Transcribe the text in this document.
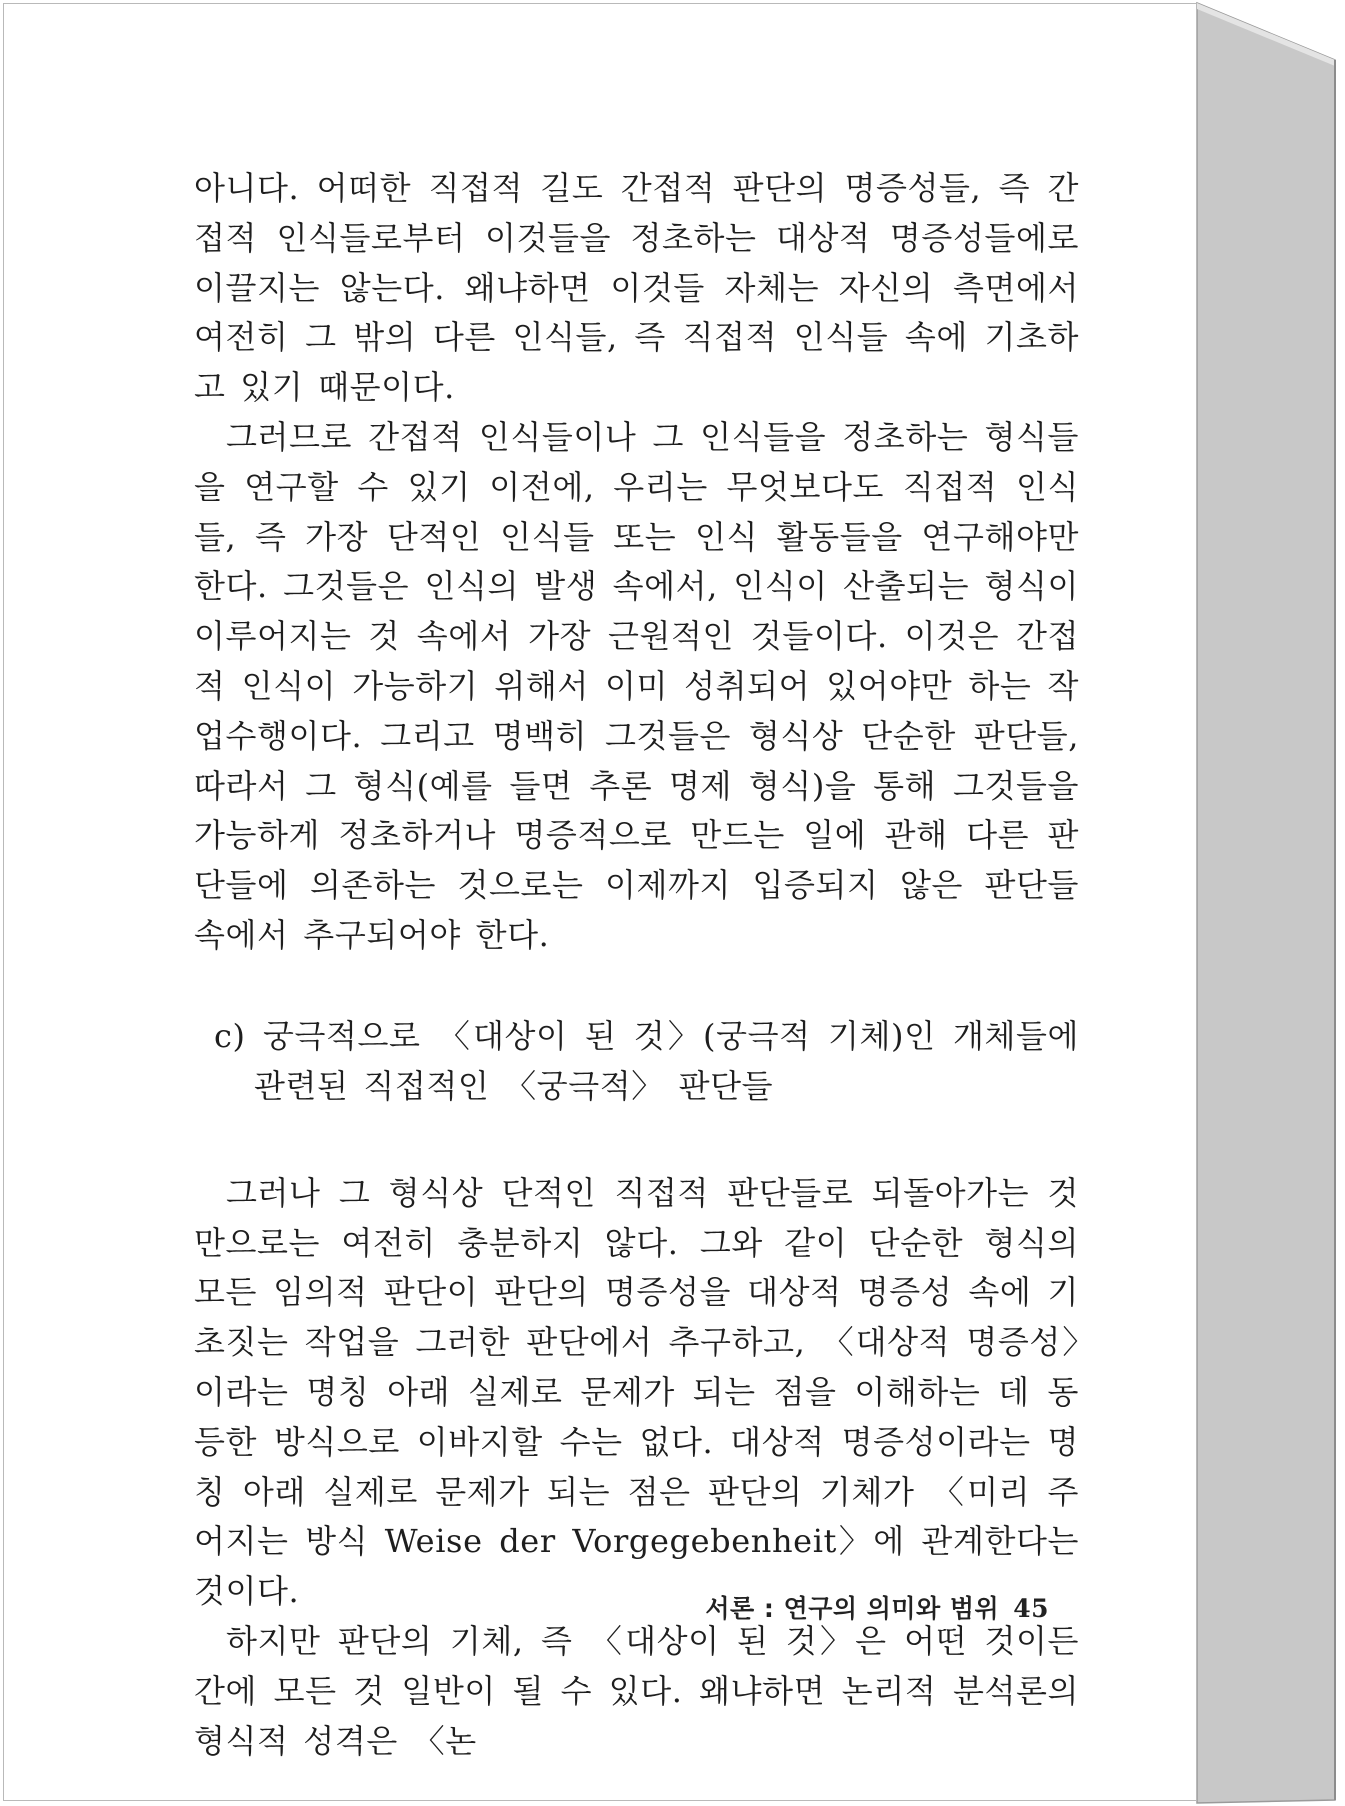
아니다. 어떠한 직접적 길도 간접적 판단의 명증성들, 즉 간접적 인식들로부터 이것들을 정초하는 대상적 명증성들에로 이끌지는 않는다. 왜냐하면 이것들 자체는 자신의 측면에서 여전히 그 밖의 다른 인식들, 즉 직접적 인식들 속에 기초하고 있기 때문이다.

그러므로 간접적 인식들이나 그 인식들을 정초하는 형식들을 연구할 수 있기 이전에, 우리는 무엇보다도 직접적 인식들, 즉 가장 단적인 인식들 또는 인식 활동들을 연구해야만 한다. 그것들은 인식의 발생 속에서, 인식이 산출되는 형식이 이루어지는 것 속에서 가장 근원적인 것들이다. 이것은 간접적 인식이 가능하기 위해서 이미 성취되어 있어야만 하는 작업수행이다. 그리고 명백히 그것들은 형식상 단순한 판단들, 따라서 그 형식(예를 들면 추론 명제 형식)을 통해 그것들을 가능하게 정초하거나 명증적으로 만드는 일에 관해 다른 판단들에 의존하는 것으로는 이제까지 입증되지 않은 판단들 속에서 추구되어야 한다.

c) 궁극적으로 〈대상이 된 것〉(궁극적 기체)인 개체들에 관련된 직접적인 〈궁극적〉 판단들

그러나 그 형식상 단적인 직접적 판단들로 되돌아가는 것만으로는 여전히 충분하지 않다. 그와 같이 단순한 형식의 모든 임의적 판단이 판단의 명증성을 대상적 명증성 속에 기초짓는 작업을 그러한 판단에서 추구하고, 〈대상적 명증성〉이라는 명칭 아래 실제로 문제가 되는 점을 이해하는 데 동등한 방식으로 이바지할 수는 없다. 대상적 명증성이라는 명칭 아래 실제로 문제가 되는 점은 판단의 기체가 〈미리 주어지는 방식 Weise der Vorgegebenheit〉에 관계한다는 것이다.

하지만 판단의 기체, 즉 〈대상이 된 것〉은 어떤 것이든 간에 모든 것 일반이 될 수 있다. 왜냐하면 논리적 분석론의 형식적 성격은 〈논

서론 : 연구의 의미와 범위 45
